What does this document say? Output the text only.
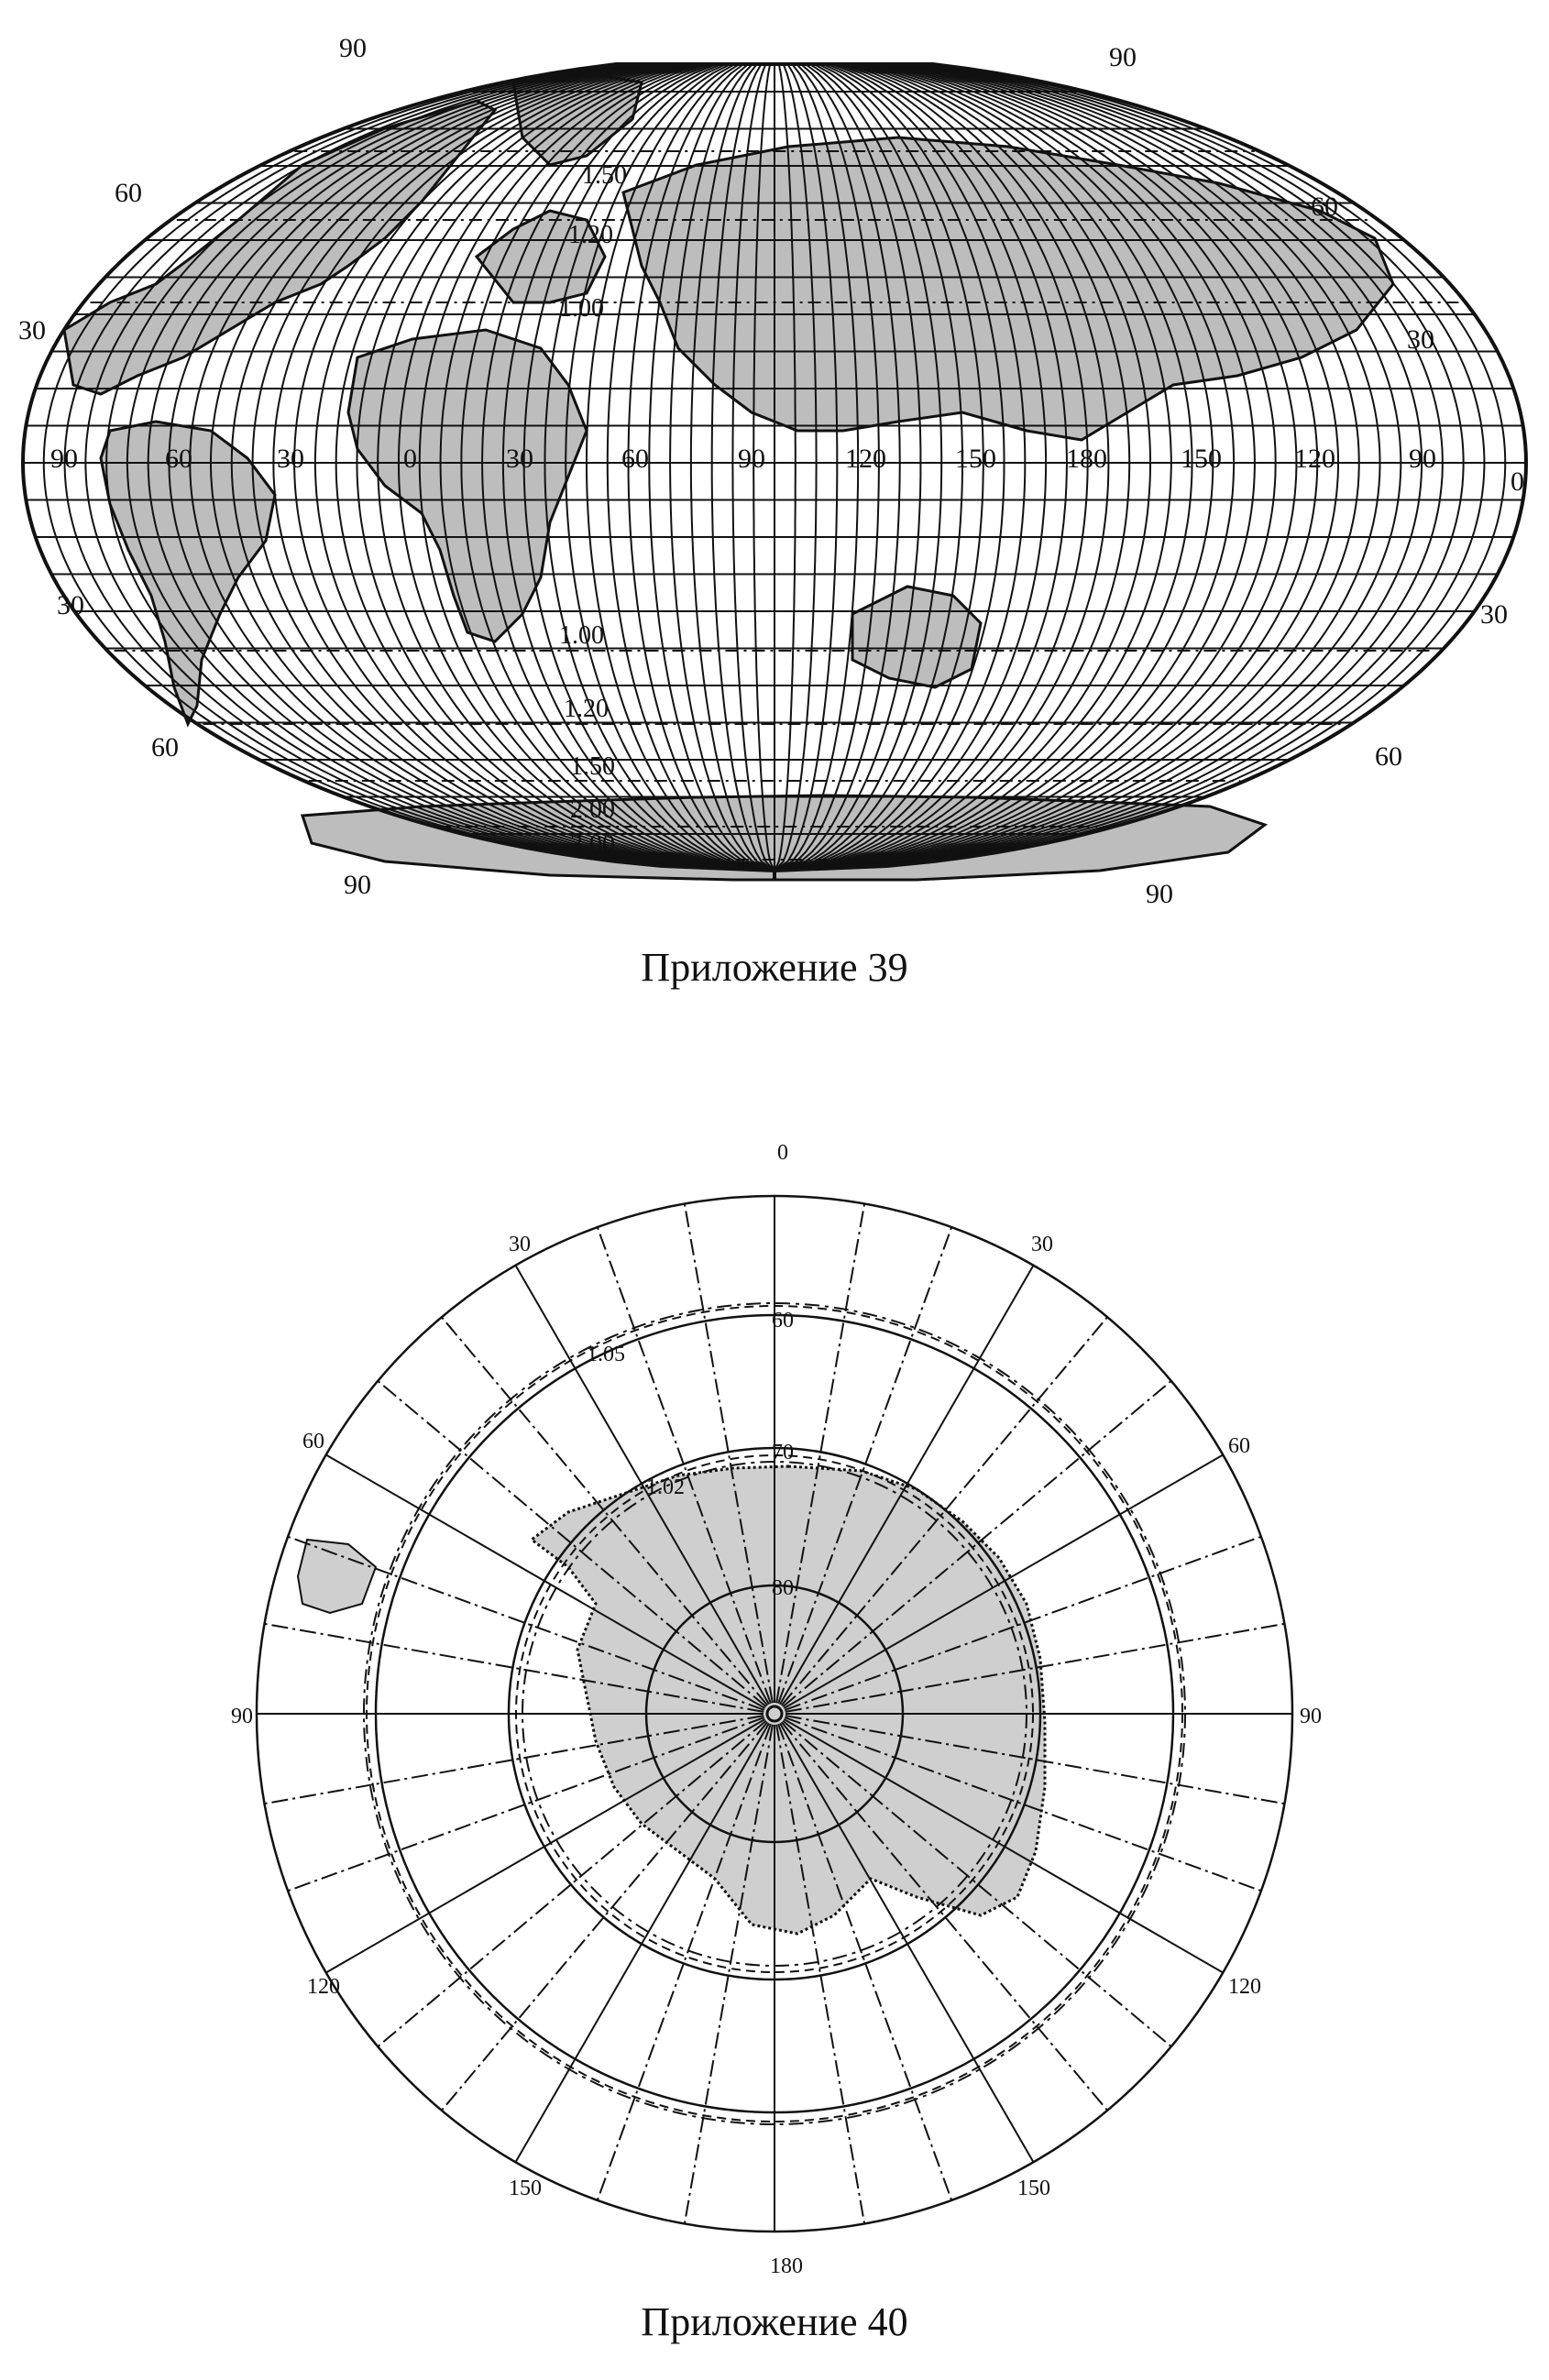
90	90
90	90
60
30
30
60
60
30
0
30
60
90	60	30	0	30	60	90	120	150	180	150	120	90
1.50
1.20
1.00
1.00
1.20
1.50
2.00
3.00
Приложение 39
0
30	30
60	60
90	90
120	120
150	150
180
60
70
80
1.05
1.02
Приложение 40
